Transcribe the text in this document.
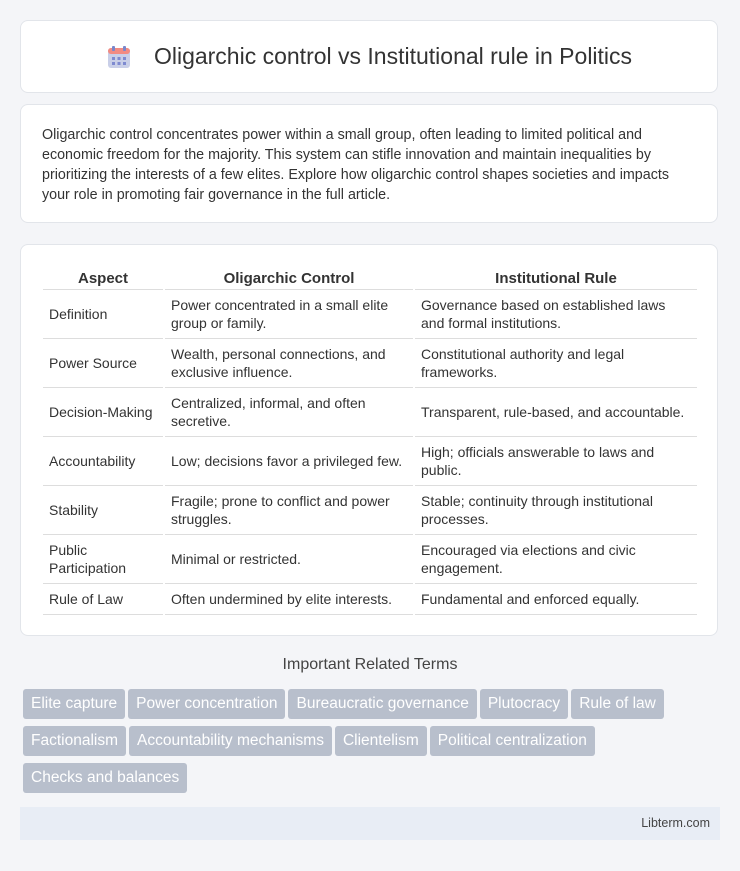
Oligarchic control vs Institutional rule in Politics

Oligarchic control concentrates power within a small group, often leading to limited political and economic freedom for the majority. This system can stifle innovation and maintain inequalities by prioritizing the interests of a few elites. Explore how oligarchic control shapes societies and impacts your role in promoting fair governance in the full article.

Aspect	Oligarchic Control	Institutional Rule
Definition	Power concentrated in a small elite group or family.	Governance based on established laws and formal institutions.
Power Source	Wealth, personal connections, and exclusive influence.	Constitutional authority and legal frameworks.
Decision-Making	Centralized, informal, and often secretive.	Transparent, rule-based, and accountable.
Accountability	Low; decisions favor a privileged few.	High; officials answerable to laws and public.
Stability	Fragile; prone to conflict and power struggles.	Stable; continuity through institutional processes.
Public Participation	Minimal or restricted.	Encouraged via elections and civic engagement.
Rule of Law	Often undermined by elite interests.	Fundamental and enforced equally.
Important Related Terms
Elite capture Power concentration Bureaucratic governance Plutocracy Rule of lawFactionalism Accountability mechanisms Clientelism Political centralizationChecks and balances
Libterm.com
